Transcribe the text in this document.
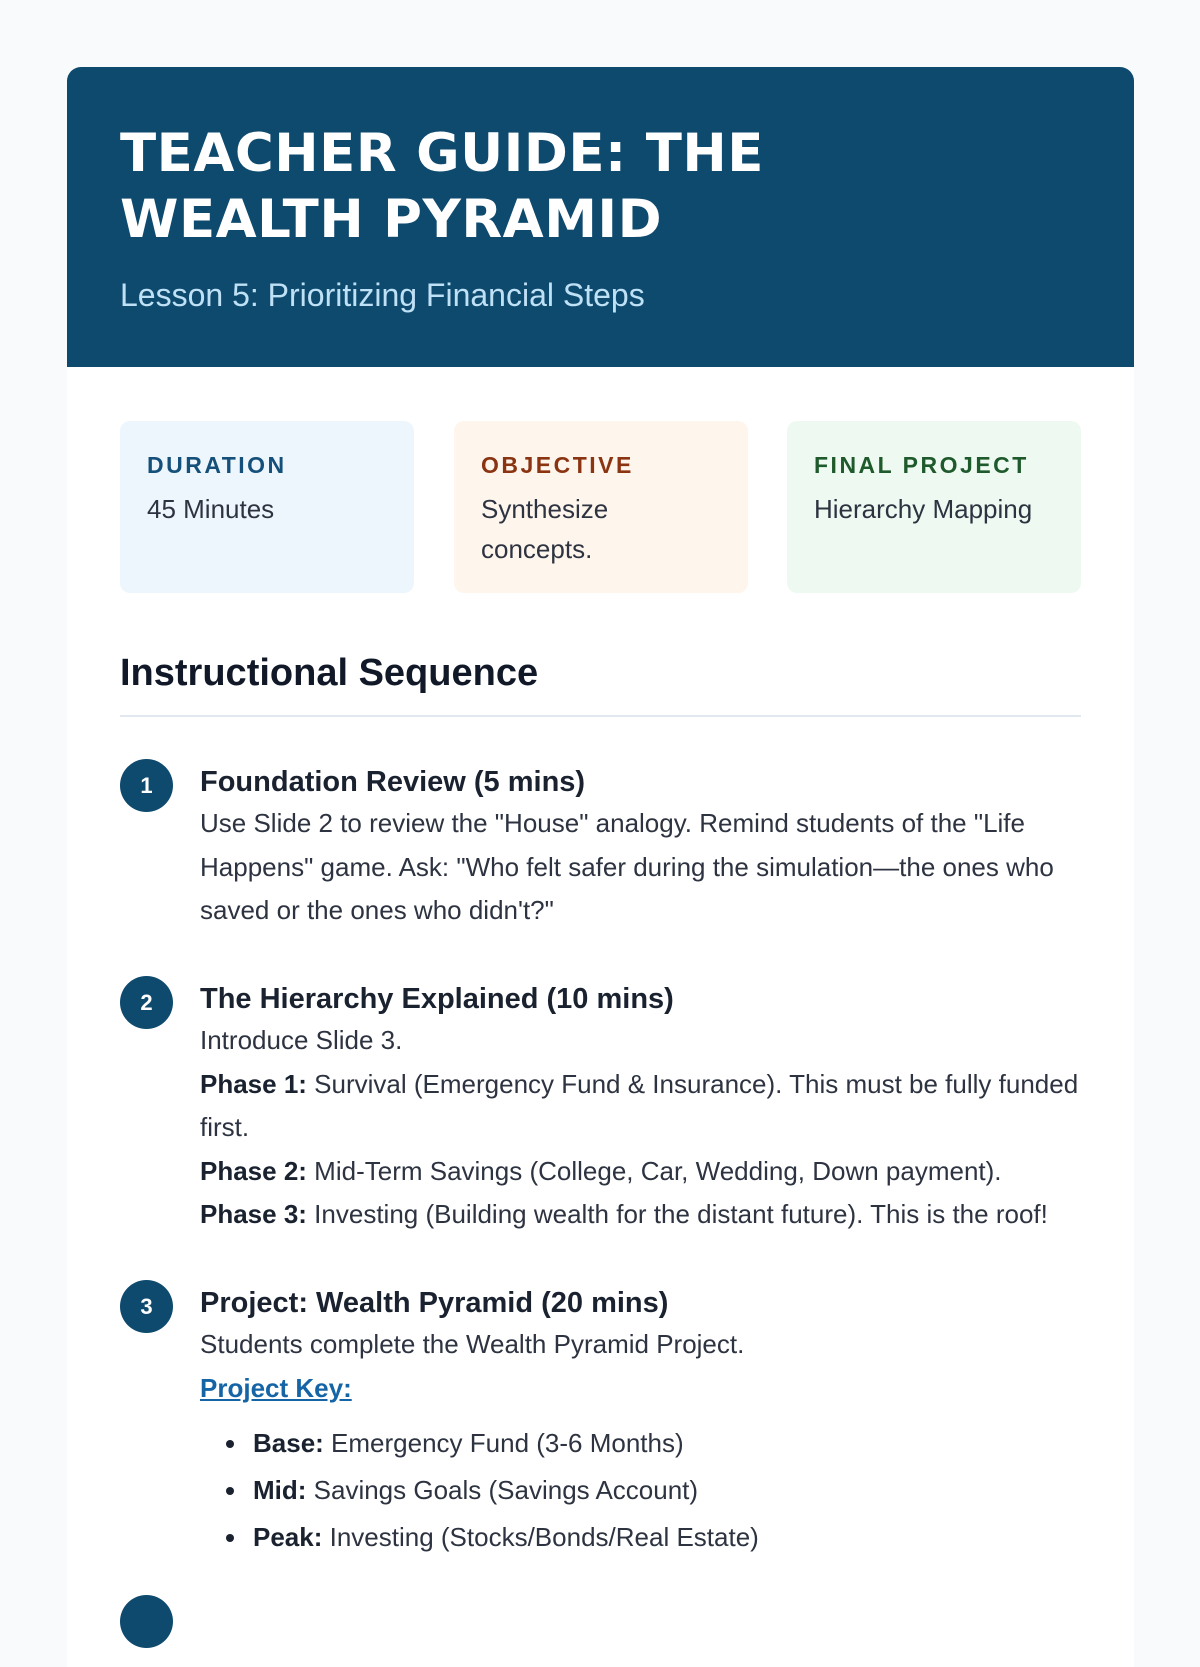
TEACHER GUIDE: THE WEALTH PYRAMID
Lesson 5: Prioritizing Financial Steps
DURATION
45 Minutes
OBJECTIVE
Synthesize concepts.
FINAL PROJECT
Hierarchy Mapping
Instructional Sequence
1	Foundation Review (5 mins)
Use Slide 2 to review the "House" analogy. Remind students of the "Life Happens" game. Ask: "Who felt safer during the simulation—the ones who saved or the ones who didn't?"
2	The Hierarchy Explained (10 mins)
Introduce Slide 3.
Phase 1: Survival (Emergency Fund & Insurance). This must be fully funded first.
Phase 2: Mid-Term Savings (College, Car, Wedding, Down payment).
Phase 3: Investing (Building wealth for the distant future). This is the roof!
3	Project: Wealth Pyramid (20 mins)
Students complete the Wealth Pyramid Project.
Project Key:
Base: Emergency Fund (3-6 Months)
Mid: Savings Goals (Savings Account)
Peak: Investing (Stocks/Bonds/Real Estate)
